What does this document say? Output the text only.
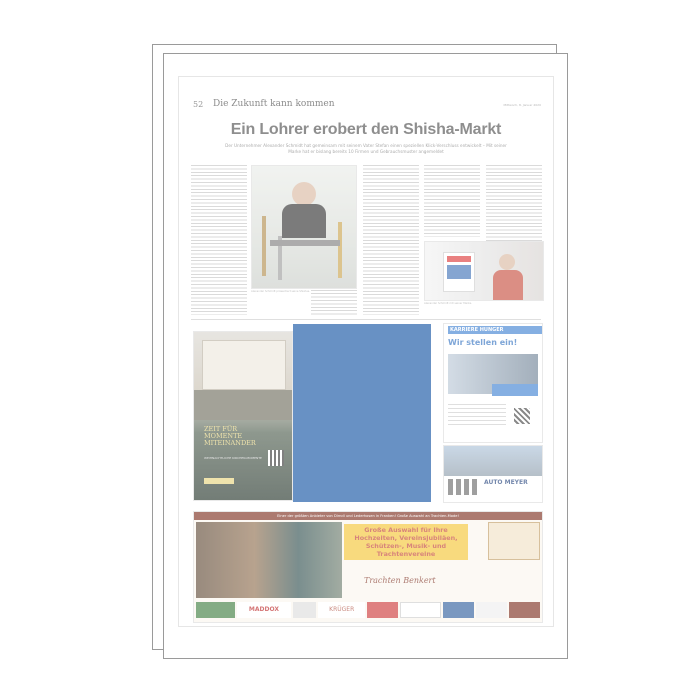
52 Die Zukunft kann kommen	Mittwoch, 8. Januar 2020
Ein Lohrer erobert den Shisha-Markt
Der Unternehmer Alexander Schmidt hat gemeinsam mit seinem Vater Stefan einen speziellen Klick-Verschluss entwickelt – Mit seiner Marke hat er bislang bereits 10 Firmen und Gebrauchsmuster angemeldet
Alexander Schmidt präsentiert seine Shishas.
Alexander Schmidt mit seiner Marke.
ZEIT FÜR MOMENTE MITEINANDER
WEIHNACHTLICHE KIRCHEN-MOMENTE
KARRIERE HUNGER
Wir stellen ein!
AUTO MEYER
Einer der größten Anbieter von Dirndl und Lederhosen in Franken! Große Auswahl an Trachten-Mode!
Große Auswahl für Ihre Hochzeiten, Vereinsjubiläen, Schützen-, Musik- und Trachtenvereine
Trachten Benkert
MADDOX	KRÜGER
